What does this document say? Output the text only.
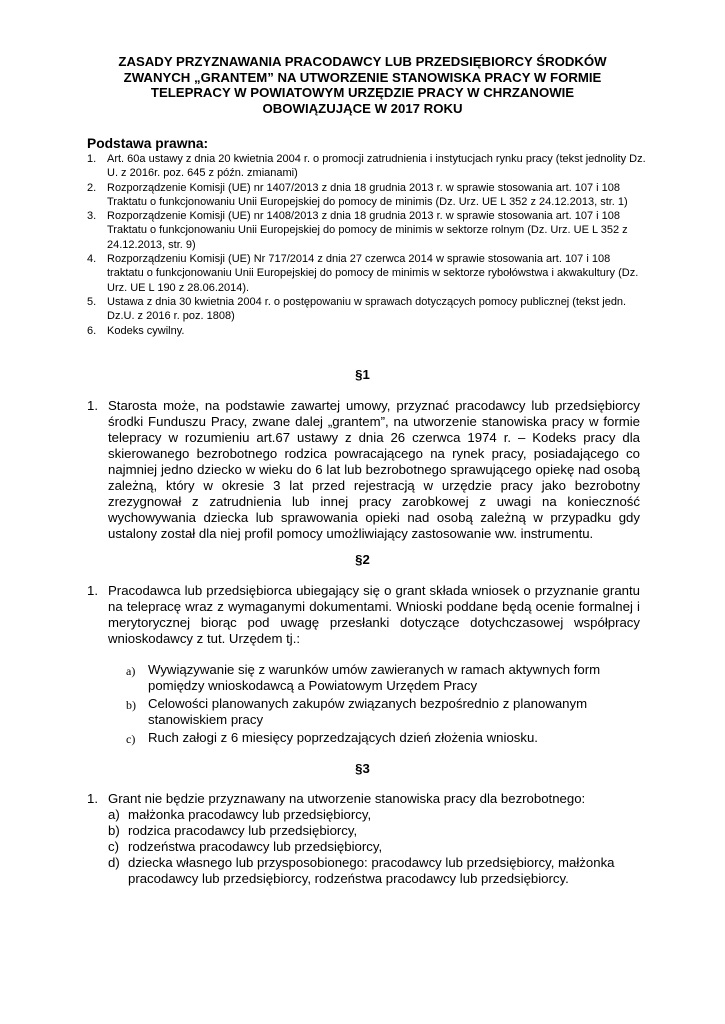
ZASADY PRZYZNAWANIA PRACODAWCY LUB PRZEDSIĘBIORCY ŚRODKÓW
ZWANYCH „GRANTEM” NA UTWORZENIE STANOWISKA PRACY W FORMIE
TELEPRACY W POWIATOWYM URZĘDZIE PRACY W CHRZANOWIE
OBOWIĄZUJĄCE W 2017 ROKU
Podstawa prawna:
1. Art. 60a ustawy z dnia 20 kwietnia 2004 r. o promocji zatrudnienia i instytucjach rynku pracy (tekst jednolity Dz. U. z 2016r. poz. 645 z późn. zmianami)
2. Rozporządzenie Komisji (UE) nr 1407/2013 z dnia 18 grudnia 2013 r. w sprawie stosowania art. 107 i 108 Traktatu o funkcjonowaniu Unii Europejskiej do pomocy de minimis (Dz. Urz. UE L 352 z 24.12.2013, str. 1)
3. Rozporządzenie Komisji (UE) nr 1408/2013 z dnia 18 grudnia 2013 r. w sprawie stosowania art. 107 i 108 Traktatu o funkcjonowaniu Unii Europejskiej do pomocy de minimis w sektorze rolnym (Dz. Urz. UE L 352 z 24.12.2013, str. 9)
4. Rozporządzeniu Komisji (UE) Nr 717/2014 z dnia 27 czerwca 2014 w sprawie stosowania art. 107 i 108 traktatu o funkcjonowaniu Unii Europejskiej do pomocy de minimis w sektorze rybołówstwa i akwakultury (Dz. Urz. UE L 190 z 28.06.2014).
5. Ustawa z dnia 30 kwietnia 2004 r. o postępowaniu w sprawach dotyczących pomocy publicznej (tekst jedn. Dz.U. z 2016 r. poz. 1808)
6. Kodeks cywilny.
§1
1. Starosta może, na podstawie zawartej umowy, przyznać pracodawcy lub przedsiębiorcy środki Funduszu Pracy, zwane dalej „grantem”, na utworzenie stanowiska pracy w formie telepracy w rozumieniu art.67 ustawy z dnia 26 czerwca 1974 r. – Kodeks pracy dla skierowanego bezrobotnego rodzica powracającego na rynek pracy, posiadającego co najmniej jedno dziecko w wieku do 6 lat lub bezrobotnego sprawującego opiekę nad osobą zależną, który w okresie 3 lat przed rejestracją w urzędzie pracy jako bezrobotny zrezygnował z zatrudnienia lub innej pracy zarobkowej z uwagi na konieczność wychowywania dziecka lub sprawowania opieki nad osobą zależną w przypadku gdy ustalony został dla niej profil pomocy umożliwiający zastosowanie ww. instrumentu.
§2
1. Pracodawca lub przedsiębiorca ubiegający się o grant składa wniosek o przyznanie grantu na telepracę wraz z wymaganymi dokumentami. Wnioski poddane będą ocenie formalnej i merytorycznej biorąc pod uwagę przesłanki dotyczące dotychczasowej współpracy wnioskodawcy z tut. Urzędem tj.:
a) Wywiązywanie się z warunków umów zawieranych w ramach aktywnych form pomiędzy wnioskodawcą a Powiatowym Urzędem Pracy
b) Celowości planowanych zakupów związanych bezpośrednio z planowanym stanowiskiem pracy
c) Ruch załogi z 6 miesięcy poprzedzających dzień złożenia wniosku.
§3
1. Grant nie będzie przyznawany na utworzenie stanowiska pracy dla bezrobotnego:
a) małżonka pracodawcy lub przedsiębiorcy,
b) rodzica pracodawcy lub przedsiębiorcy,
c) rodzeństwa pracodawcy lub przedsiębiorcy,
d) dziecka własnego lub przysposobionego: pracodawcy lub przedsiębiorcy, małżonka pracodawcy lub przedsiębiorcy, rodzeństwa pracodawcy lub przedsiębiorcy.
